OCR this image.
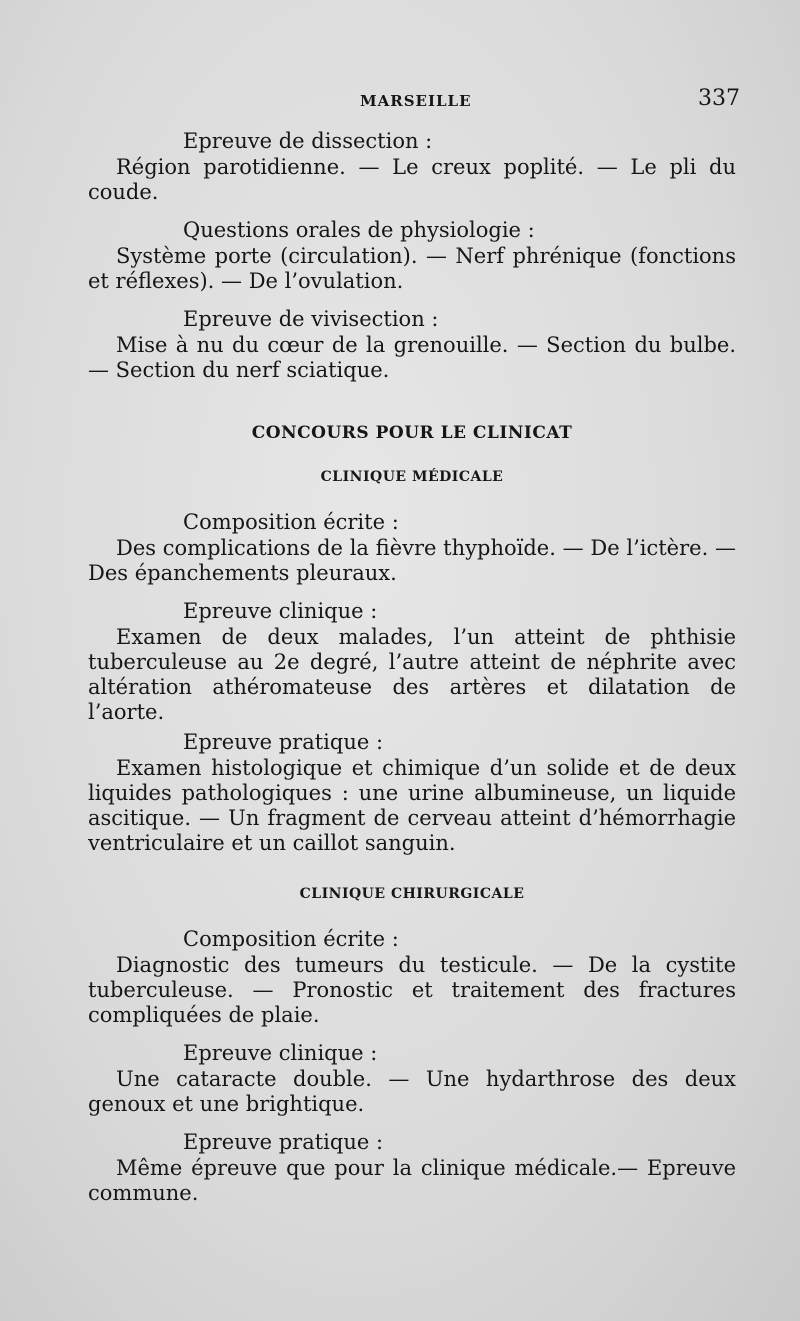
MARSEILLE	337

Epreuve de dissection :

Région parotidienne. — Le creux poplité. — Le pli du coude.

Questions orales de physiologie :

Système porte (circulation). — Nerf phrénique (fonctions et réflexes). — De l’ovulation.

Epreuve de vivisection :

Mise à nu du cœur de la grenouille. — Section du bulbe. — Section du nerf sciatique.

CONCOURS POUR LE CLINICAT

CLINIQUE MÉDICALE

Composition écrite :

Des complications de la fièvre thyphoïde. — De l’ictère. — Des épanchements pleuraux.

Epreuve clinique :

Examen de deux malades, l’un atteint de phthisie tuberculeuse au 2e degré, l’autre atteint de néphrite avec altération athéromateuse des artères et dilatation de l’aorte.

Epreuve pratique :

Examen histologique et chimique d’un solide et de deux liquides pathologiques : une urine albumineuse, un liquide ascitique. — Un fragment de cerveau atteint d’hémorrhagie ventriculaire et un caillot sanguin.

CLINIQUE CHIRURGICALE

Composition écrite :

Diagnostic des tumeurs du testicule. — De la cystite tuberculeuse. — Pronostic et traitement des fractures compliquées de plaie.

Epreuve clinique :

Une cataracte double. — Une hydarthrose des deux genoux et une brightique.

Epreuve pratique :

Même épreuve que pour la clinique médicale.— Epreuve commune.
